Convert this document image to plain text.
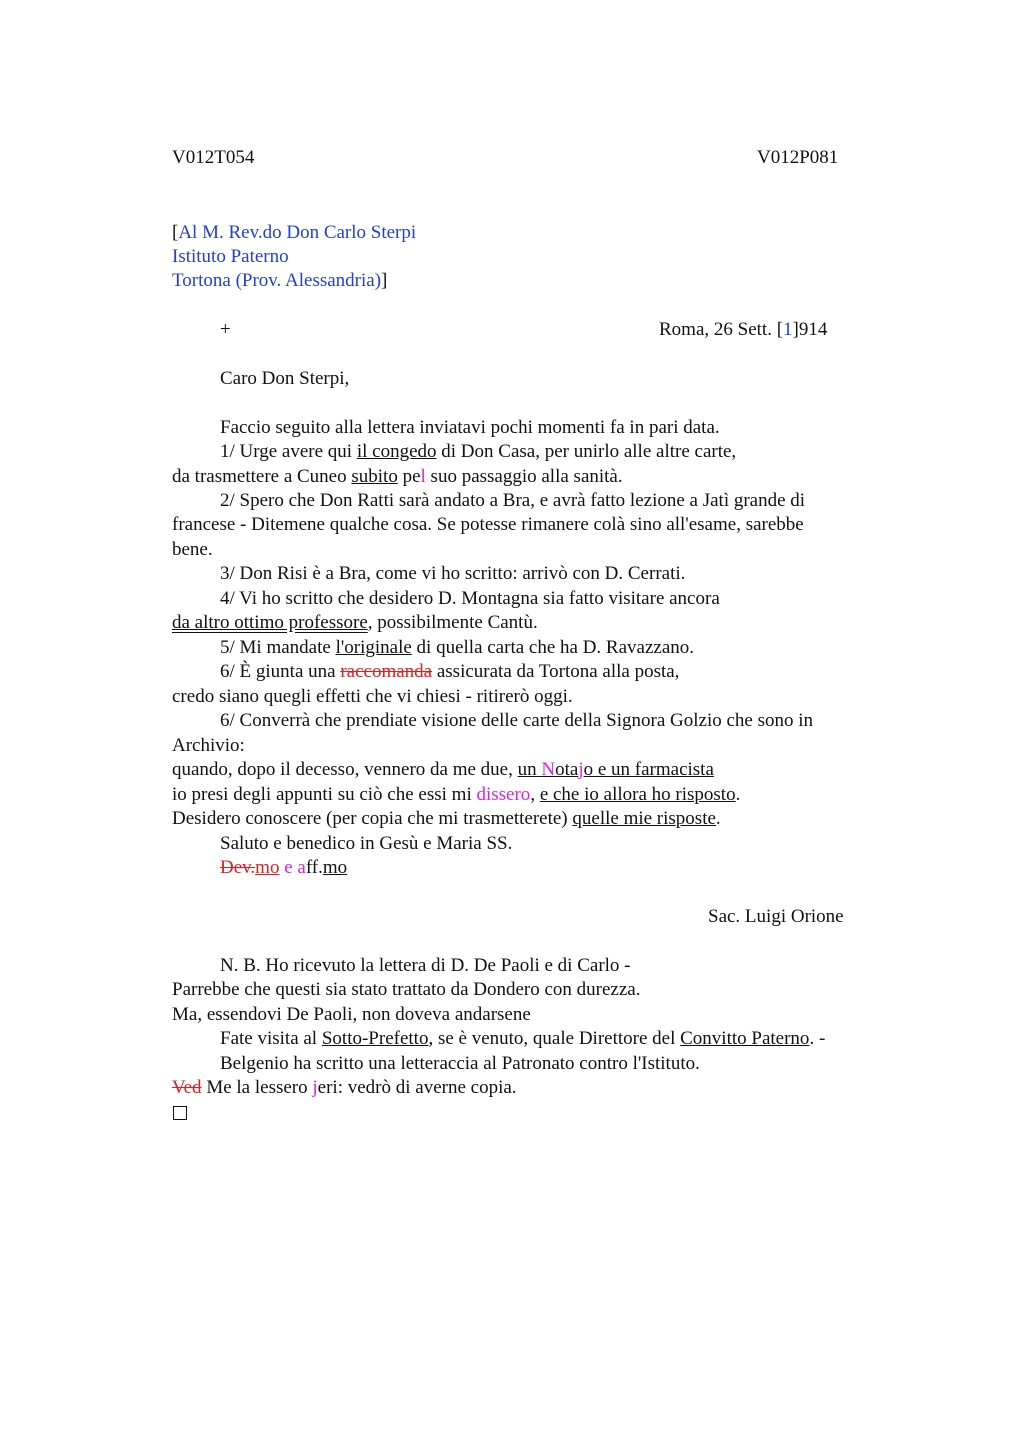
V012T054	V012P081
[Al M. Rev.do Don Carlo Sterpi
Istituto Paterno
Tortona (Prov. Alessandria)]
+	Roma, 26 Sett. [1]914
Caro Don Sterpi,
Faccio seguito alla lettera inviatavi pochi momenti fa in pari data.
1/ Urge avere qui il congedo di Don Casa, per unirlo alle altre carte,
da trasmettere a Cuneo subito pel suo passaggio alla sanità.
2/ Spero che Don Ratti sarà andato a Bra, e avrà fatto lezione a Jatì grande di
francese - Ditemene qualche cosa. Se potesse rimanere colà sino all'esame, sarebbe
bene.
3/ Don Risi è a Bra, come vi ho scritto: arrivò con D. Cerrati.
4/ Vi ho scritto che desidero D. Montagna sia fatto visitare ancora
da altro ottimo professore, possibilmente Cantù.
5/ Mi mandate l'originale di quella carta che ha D. Ravazzano.
6/ È giunta una raccomanda assicurata da Tortona alla posta,
credo siano quegli effetti che vi chiesi - ritirerò oggi.
6/ Converrà che prendiate visione delle carte della Signora Golzio che sono in
Archivio:
quando, dopo il decesso, vennero da me due, un Notajo e un farmacista
io presi degli appunti su ciò che essi mi dissero, e che io allora ho risposto.
Desidero conoscere (per copia che mi trasmetterete) quelle mie risposte.
Saluto e benedico in Gesù e Maria SS.
Dev.mo e aff.mo
Sac. Luigi Orione
N. B. Ho ricevuto la lettera di D. De Paoli e di Carlo -
Parrebbe che questi sia stato trattato da Dondero con durezza.
Ma, essendovi De Paoli, non doveva andarsene
Fate visita al Sotto-Prefetto, se è venuto, quale Direttore del Convitto Paterno. -
Belgenio ha scritto una letteraccia al Patronato contro l'Istituto.
Ved Me la lessero jeri: vedrò di averne copia.
